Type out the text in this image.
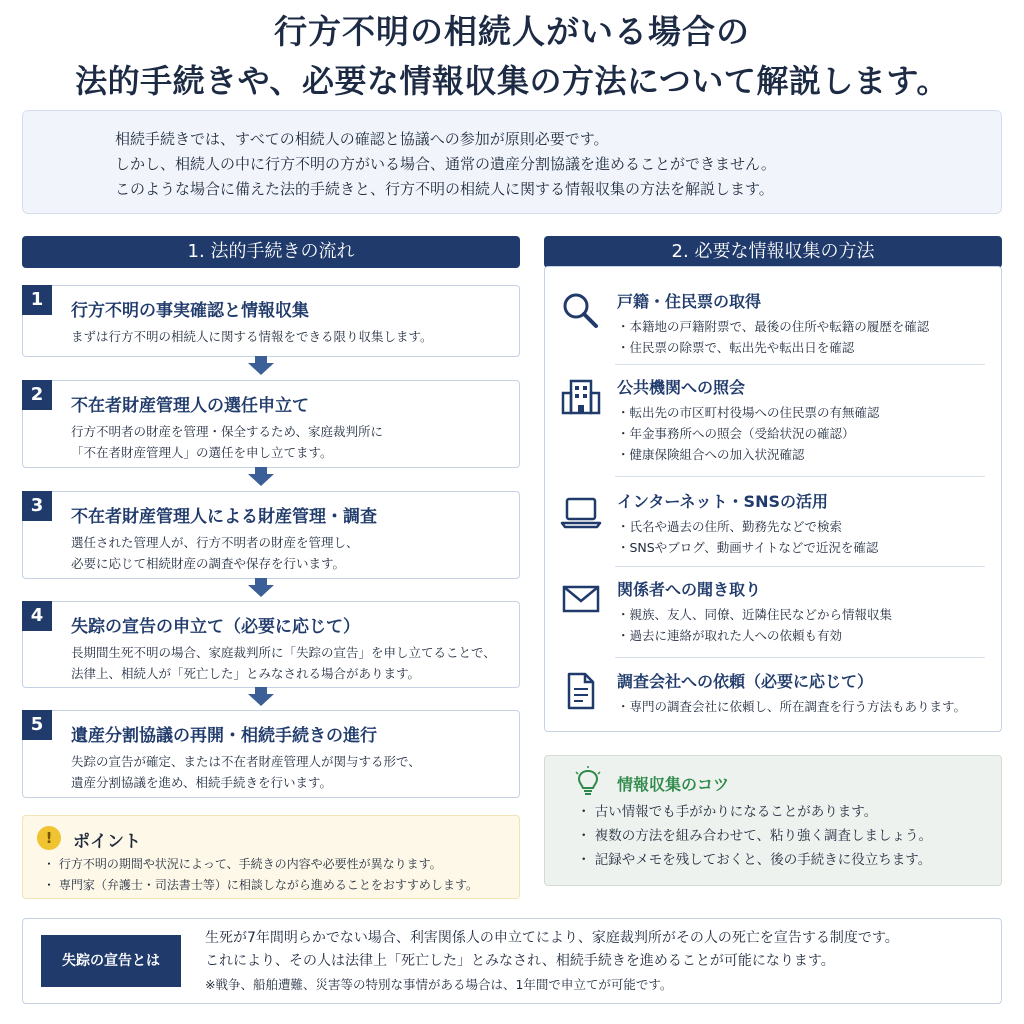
行方不明の相続人がいる場合の
法的手続きや、必要な情報収集の方法について解説します。

相続手続きでは、すべての相続人の確認と協議への参加が原則必要です。

しかし、相続人の中に行方不明の方がいる場合、通常の遺産分割協議を進めることができません。

このような場合に備えた法的手続きと、行方不明の相続人に関する情報収集の方法を解説します。

1. 法的手続きの流れ
1
行方不明の事実確認と情報収集
まずは行方不明の相続人に関する情報をできる限り収集します。
2
不在者財産管理人の選任申立て
行方不明者の財産を管理・保全するため、家庭裁判所に
「不在者財産管理人」の選任を申し立てます。
3
不在者財産管理人による財産管理・調査
選任された管理人が、行方不明者の財産を管理し、
必要に応じて相続財産の調査や保存を行います。
4
失踪の宣告の申立て（必要に応じて）
長期間生死不明の場合、家庭裁判所に「失踪の宣告」を申し立てることで、
法律上、相続人が「死亡した」とみなされる場合があります。
5
遺産分割協議の再開・相続手続きの進行
失踪の宣告が確定、または不在者財産管理人が関与する形で、
遺産分割協議を進め、相続手続きを行います。
!	ポイント
・ 行方不明の期間や状況によって、手続きの内容や必要性が異なります。
・ 専門家（弁護士・司法書士等）に相談しながら進めることをおすすめします。
2. 必要な情報収集の方法
戸籍・住民票の取得
・本籍地の戸籍附票で、最後の住所や転籍の履歴を確認
・住民票の除票で、転出先や転出日を確認
公共機関への照会
・転出先の市区町村役場への住民票の有無確認
・年金事務所への照会（受給状況の確認）
・健康保険組合への加入状況確認
インターネット・SNSの活用
・氏名や過去の住所、勤務先などで検索
・SNSやブログ、動画サイトなどで近況を確認
関係者への聞き取り
・親族、友人、同僚、近隣住民などから情報収集
・過去に連絡が取れた人への依頼も有効
調査会社への依頼（必要に応じて）
・専門の調査会社に依頼し、所在調査を行う方法もあります。
情報収集のコツ
・ 古い情報でも手がかりになることがあります。
・ 複数の方法を組み合わせて、粘り強く調査しましょう。
・ 記録やメモを残しておくと、後の手続きに役立ちます。
失踪の宣告とは
生死が7年間明らかでない場合、利害関係人の申立てにより、家庭裁判所がその人の死亡を宣告する制度です。
これにより、その人は法律上「死亡した」とみなされ、相続手続きを進めることが可能になります。
※戦争、船舶遭難、災害等の特別な事情がある場合は、1年間で申立てが可能です。
